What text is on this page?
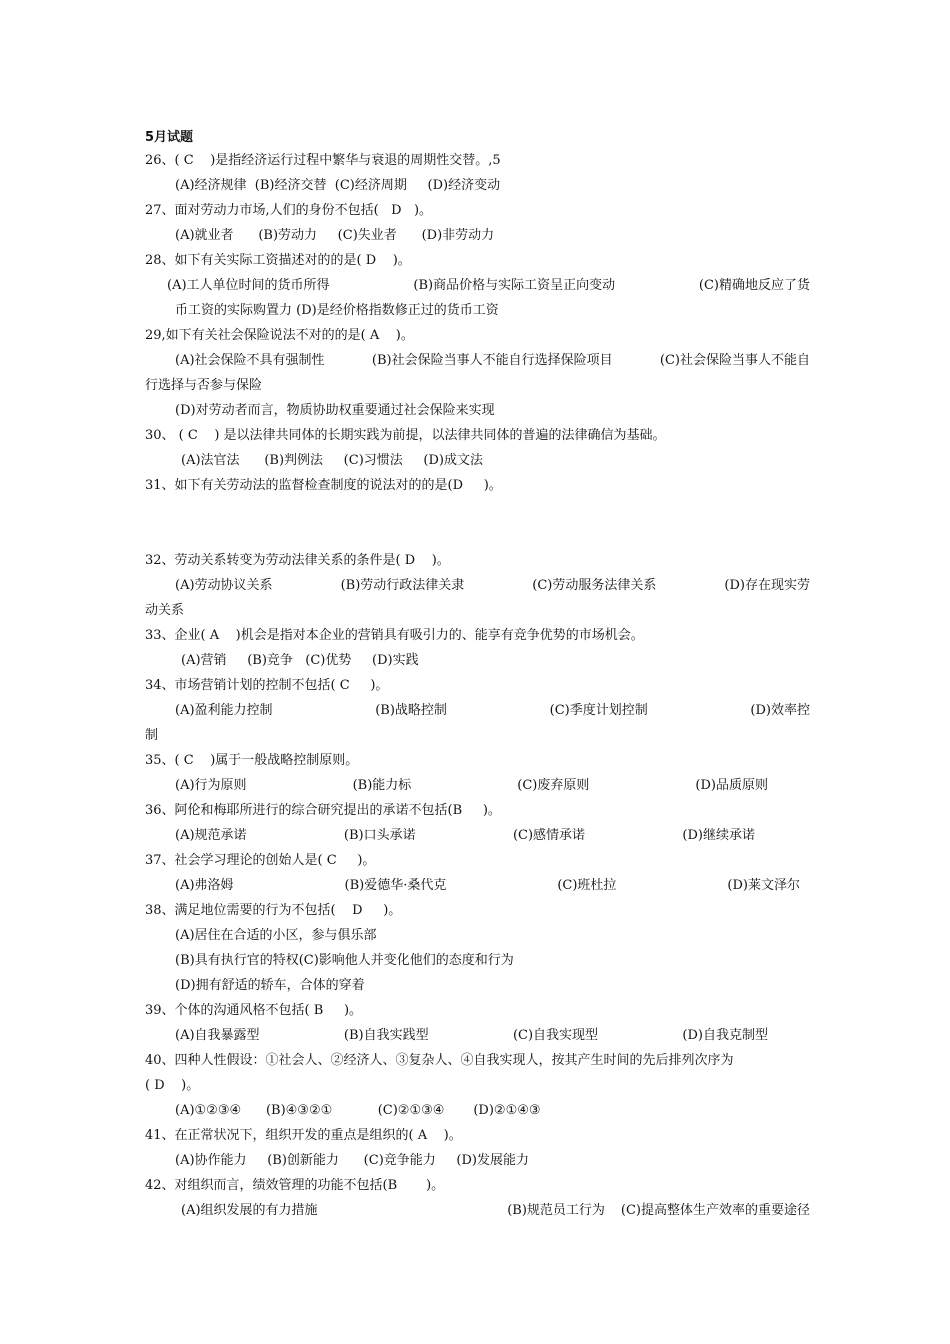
5月试题
26、( C    )是指经济运行过程中繁华与衰退的周期性交替。,5
(A)经济规律  (B)经济交替  (C)经济周期     (D)经济变动
27、面对劳动力市场,人们的身份不包括(   D   )。
(A)就业者      (B)劳动力     (C)失业者      (D)非劳动力
28、如下有关实际工资描述对的的是( D    )。
(A)工人单位时间的货币所得	(B)商品价格与实际工资呈正向变动	(C)精确地反应了货
币工资的实际购置力 (D)是经价格指数修正过的货币工资
29,如下有关社会保险说法不对的的是( A    )。
(A)社会保险不具有强制性	(B)社会保险当事人不能自行选择保险项目	(C)社会保险当事人不能自
行选择与否参与保险
(D)对劳动者而言，物质协助权重要通过社会保险来实现
30、 ( C    ) 是以法律共同体的长期实践为前提，以法律共同体的普遍的法律确信为基础。
(A)法官法      (B)判例法     (C)习惯法     (D)成文法
31、如下有关劳动法的监督检查制度的说法对的的是(D     )。

32、劳动关系转变为劳动法律关系的条件是( D    )。
(A)劳动协议关系	(B)劳动行政法律关隶	(C)劳动服务法律关系	(D)存在现实劳
动关系
33、企业( A    )机会是指对本企业的营销具有吸引力的、能享有竞争优势的市场机会。
(A)营销     (B)竞争   (C)优势     (D)实践
34、市场营销计划的控制不包括( C     )。
(A)盈利能力控制	(B)战略控制	(C)季度计划控制	(D)效率控
制
35、( C    )属于一般战略控制原则。
(A)行为原则	(B)能力标	(C)废弃原则	(D)品质原则
36、阿伦和梅耶所进行的综合研究提出的承诺不包括(B     )。
(A)规范承诺	(B)口头承诺	(C)感情承诺	(D)继续承诺
37、社会学习理论的创始人是( C     )。
(A)弗洛姆	(B)爱德华·桑代克	(C)班杜拉	(D)莱文泽尔
38、满足地位需要的行为不包括(    D     )。
(A)居住在合适的小区，参与俱乐部
(B)具有执行官的特权(C)影响他人并变化他们的态度和行为
(D)拥有舒适的轿车，合体的穿着
39、个体的沟通风格不包括( B     )。
(A)自我暴露型	(B)自我实践型	(C)自我实现型	(D)自我克制型
40、四种人性假设：①社会人、②经济人、③复杂人、④自我实现人，按其产生时间的先后排列次序为
( D    )。
(A)①②③④      (B)④③②①           (C)②①③④       (D)②①④③
41、在正常状况下，组织开发的重点是组织的( A    )。
(A)协作能力     (B)创新能力      (C)竞争能力     (D)发展能力
42、对组织而言，绩效管理的功能不包括(B       )。
(A)组织发展的有力措施	(B)规范员工行为 (C)提高整体生产效率的重要途径
